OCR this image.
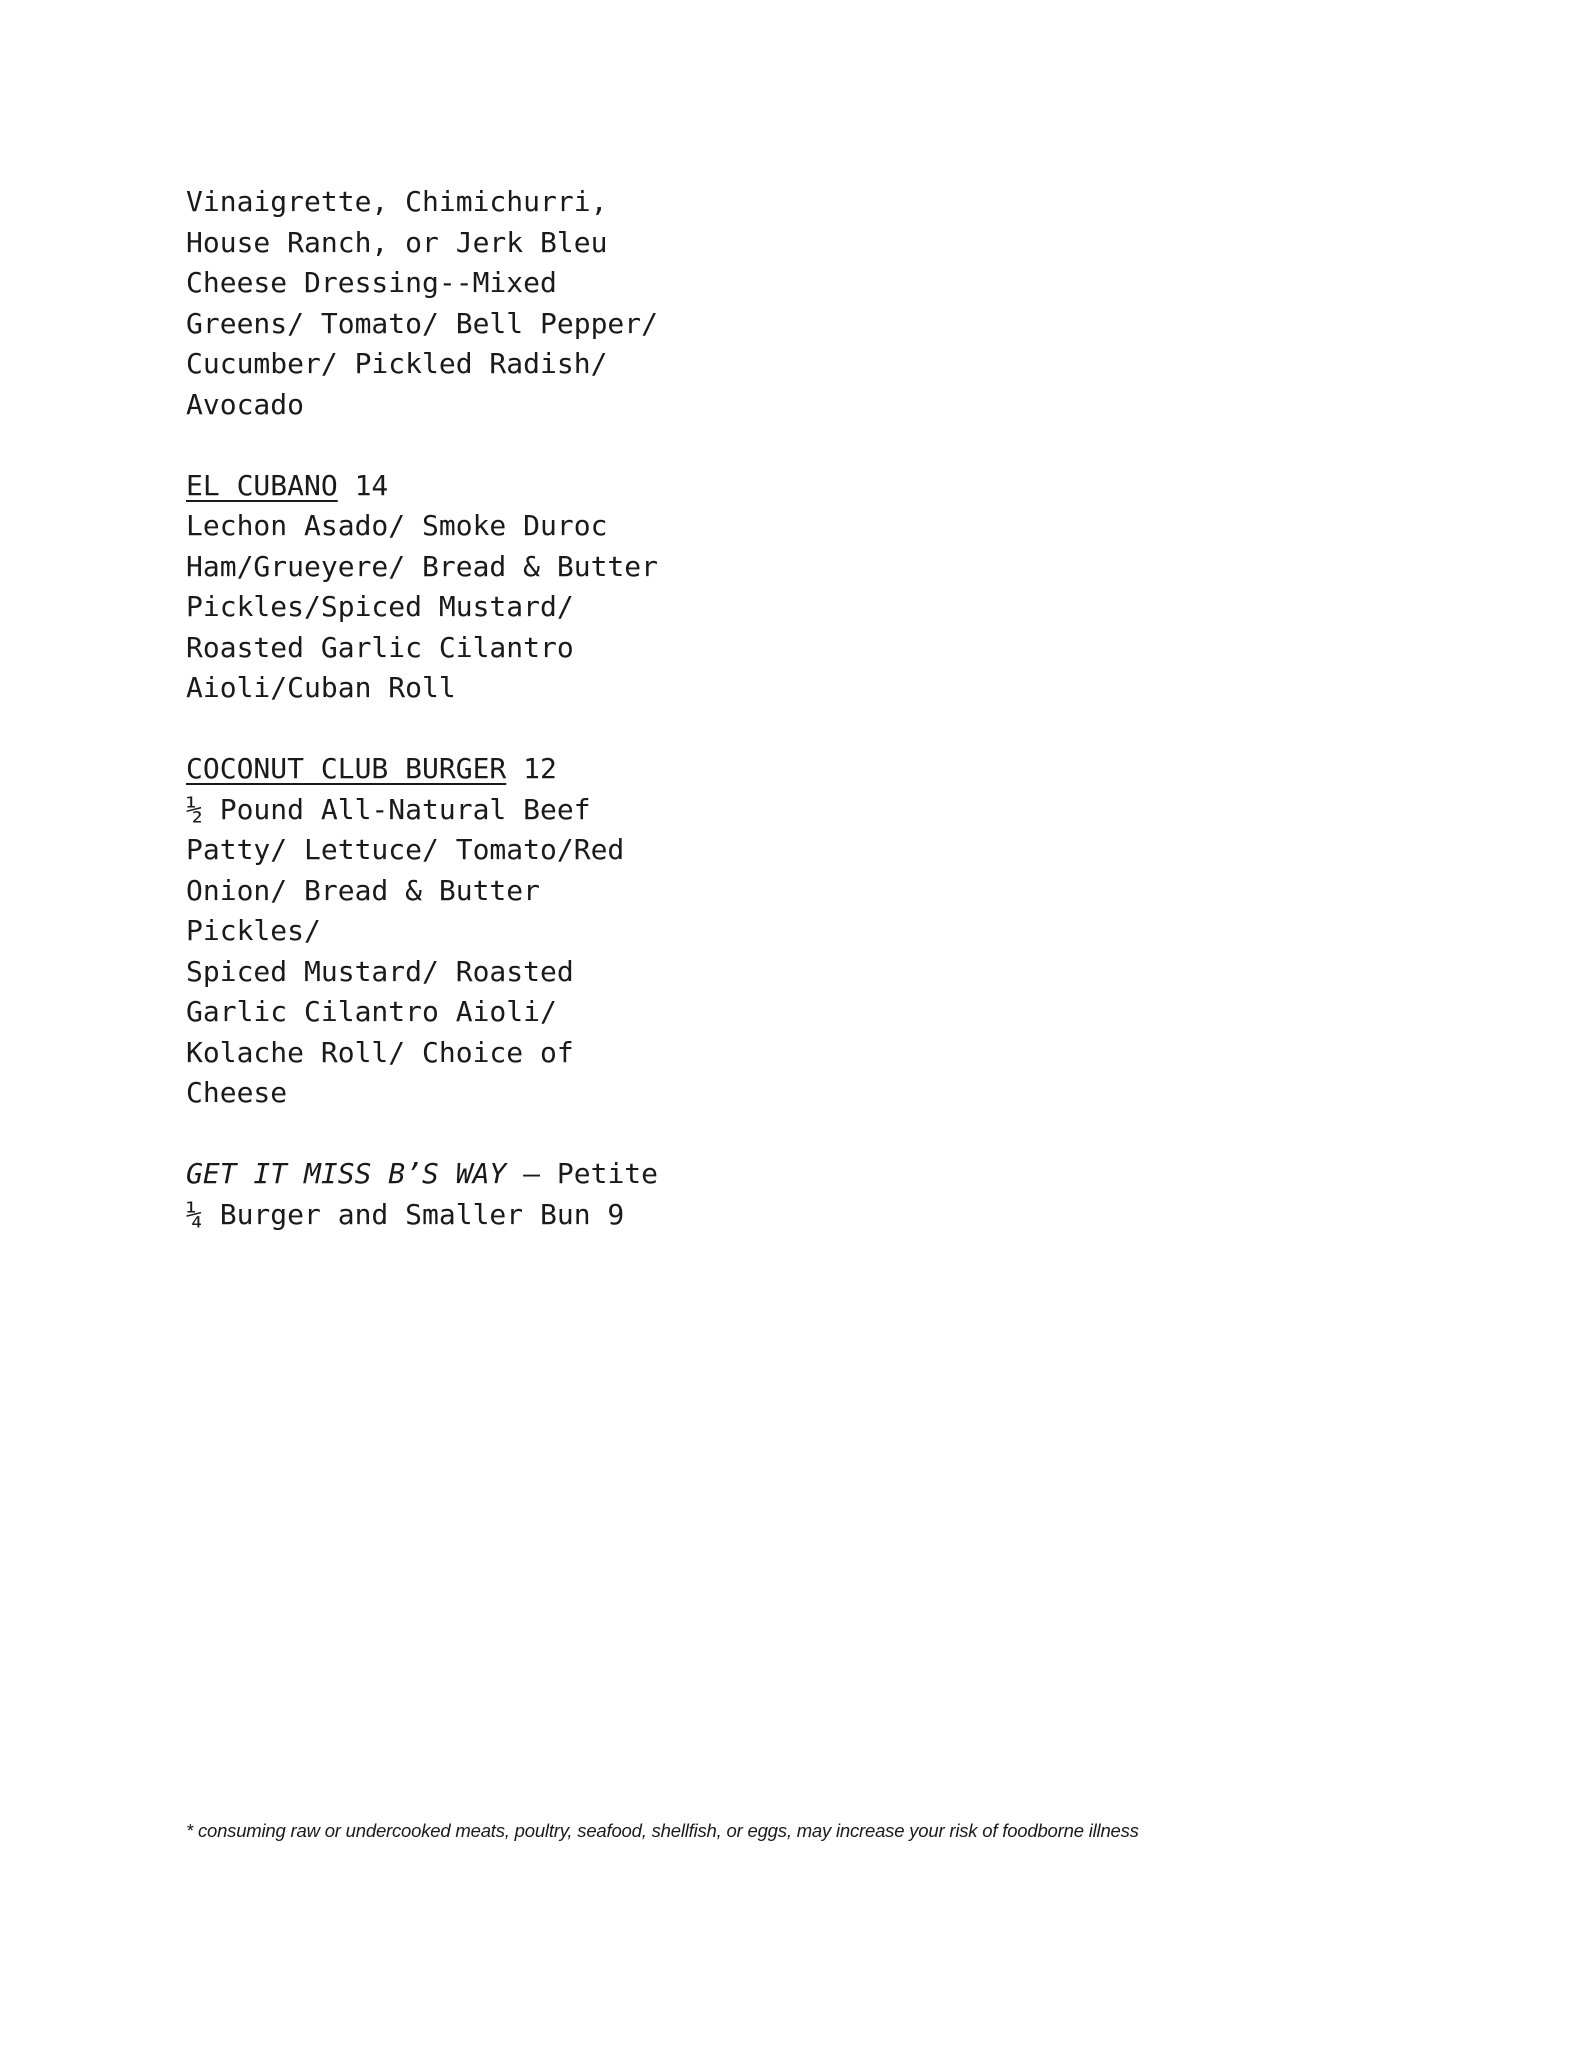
Vinaigrette, Chimichurri,
House Ranch, or Jerk Bleu
Cheese Dressing--Mixed
Greens/ Tomato/ Bell Pepper/
Cucumber/ Pickled Radish/
Avocado
EL CUBANO 14
Lechon Asado/ Smoke Duroc
Ham/Grueyere/ Bread & Butter
Pickles/Spiced Mustard/
Roasted Garlic Cilantro
Aioli/Cuban Roll
COCONUT CLUB BURGER 12
½ Pound All-Natural Beef
Patty/ Lettuce/ Tomato/Red
Onion/ Bread & Butter
Pickles/
Spiced Mustard/ Roasted
Garlic Cilantro Aioli/
Kolache Roll/ Choice of
Cheese
GET IT MISS B’S WAY – Petite
¼ Burger and Smaller Bun 9
* consuming raw or undercooked meats, poultry, seafood, shellfish, or eggs, may increase your risk of foodborne illness
